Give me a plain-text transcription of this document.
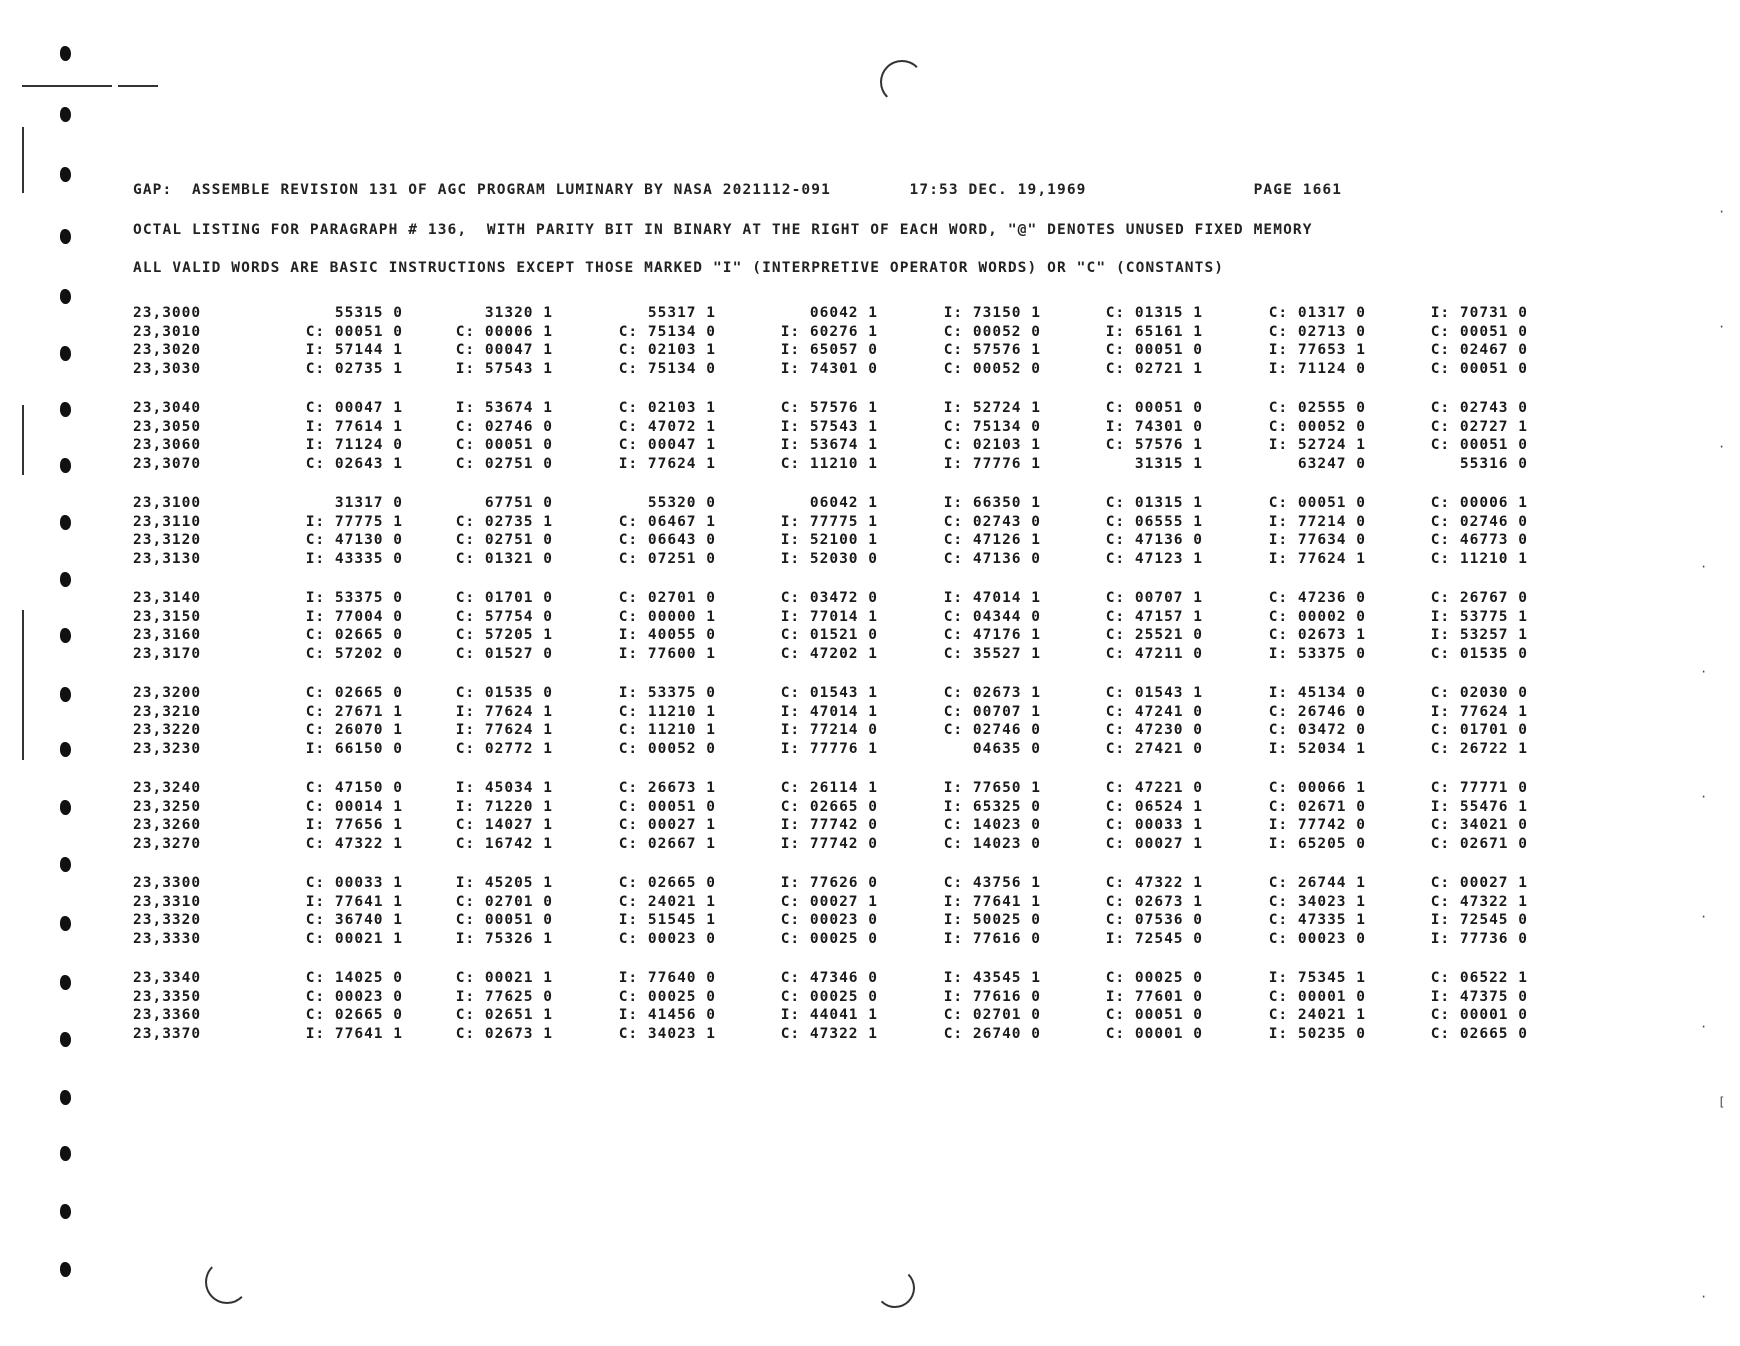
GAP:  ASSEMBLE REVISION 131 OF AGC PROGRAM LUMINARY BY NASA 2021112-091        17:53 DEC. 19,1969                 PAGE 1661
OCTAL LISTING FOR PARAGRAPH # 136,  WITH PARITY BIT IN BINARY AT THE RIGHT OF EACH WORD, "@" DENOTES UNUSED FIXED MEMORY
ALL VALID WORDS ARE BASIC INSTRUCTIONS EXCEPT THOSE MARKED "I" (INTERPRETIVE OPERATOR WORDS) OR "C" (CONSTANTS)
23,3000	55315 0	31320 1	55317 1	06042 1	I: 73150 1	C: 01315 1	C: 01317 0	I: 70731 0
23,3010	C: 00051 0	C: 00006 1	C: 75134 0	I: 60276 1	C: 00052 0	I: 65161 1	C: 02713 0	C: 00051 0
23,3020	I: 57144 1	C: 00047 1	C: 02103 1	I: 65057 0	C: 57576 1	C: 00051 0	I: 77653 1	C: 02467 0
23,3030	C: 02735 1	I: 57543 1	C: 75134 0	I: 74301 0	C: 00052 0	C: 02721 1	I: 71124 0	C: 00051 0
23,3040	C: 00047 1	I: 53674 1	C: 02103 1	C: 57576 1	I: 52724 1	C: 00051 0	C: 02555 0	C: 02743 0
23,3050	I: 77614 1	C: 02746 0	C: 47072 1	I: 57543 1	C: 75134 0	I: 74301 0	C: 00052 0	C: 02727 1
23,3060	I: 71124 0	C: 00051 0	C: 00047 1	I: 53674 1	C: 02103 1	C: 57576 1	I: 52724 1	C: 00051 0
23,3070	C: 02643 1	C: 02751 0	I: 77624 1	C: 11210 1	I: 77776 1	31315 1	63247 0	55316 0
23,3100	31317 0	67751 0	55320 0	06042 1	I: 66350 1	C: 01315 1	C: 00051 0	C: 00006 1
23,3110	I: 77775 1	C: 02735 1	C: 06467 1	I: 77775 1	C: 02743 0	C: 06555 1	I: 77214 0	C: 02746 0
23,3120	C: 47130 0	C: 02751 0	C: 06643 0	I: 52100 1	C: 47126 1	C: 47136 0	I: 77634 0	C: 46773 0
23,3130	I: 43335 0	C: 01321 0	C: 07251 0	I: 52030 0	C: 47136 0	C: 47123 1	I: 77624 1	C: 11210 1
23,3140	I: 53375 0	C: 01701 0	C: 02701 0	C: 03472 0	I: 47014 1	C: 00707 1	C: 47236 0	C: 26767 0
23,3150	I: 77004 0	C: 57754 0	C: 00000 1	I: 77014 1	C: 04344 0	C: 47157 1	C: 00002 0	I: 53775 1
23,3160	C: 02665 0	C: 57205 1	I: 40055 0	C: 01521 0	C: 47176 1	C: 25521 0	C: 02673 1	I: 53257 1
23,3170	C: 57202 0	C: 01527 0	I: 77600 1	C: 47202 1	C: 35527 1	C: 47211 0	I: 53375 0	C: 01535 0
23,3200	C: 02665 0	C: 01535 0	I: 53375 0	C: 01543 1	C: 02673 1	C: 01543 1	I: 45134 0	C: 02030 0
23,3210	C: 27671 1	I: 77624 1	C: 11210 1	I: 47014 1	C: 00707 1	C: 47241 0	C: 26746 0	I: 77624 1
23,3220	C: 26070 1	I: 77624 1	C: 11210 1	I: 77214 0	C: 02746 0	C: 47230 0	C: 03472 0	C: 01701 0
23,3230	I: 66150 0	C: 02772 1	C: 00052 0	I: 77776 1	04635 0	C: 27421 0	I: 52034 1	C: 26722 1
23,3240	C: 47150 0	I: 45034 1	C: 26673 1	C: 26114 1	I: 77650 1	C: 47221 0	C: 00066 1	C: 77771 0
23,3250	C: 00014 1	I: 71220 1	C: 00051 0	C: 02665 0	I: 65325 0	C: 06524 1	C: 02671 0	I: 55476 1
23,3260	I: 77656 1	C: 14027 1	C: 00027 1	I: 77742 0	C: 14023 0	C: 00033 1	I: 77742 0	C: 34021 0
23,3270	C: 47322 1	C: 16742 1	C: 02667 1	I: 77742 0	C: 14023 0	C: 00027 1	I: 65205 0	C: 02671 0
23,3300	C: 00033 1	I: 45205 1	C: 02665 0	I: 77626 0	C: 43756 1	C: 47322 1	C: 26744 1	C: 00027 1
23,3310	I: 77641 1	C: 02701 0	C: 24021 1	C: 00027 1	I: 77641 1	C: 02673 1	C: 34023 1	C: 47322 1
23,3320	C: 36740 1	C: 00051 0	I: 51545 1	C: 00023 0	I: 50025 0	C: 07536 0	C: 47335 1	I: 72545 0
23,3330	C: 00021 1	I: 75326 1	C: 00023 0	C: 00025 0	I: 77616 0	I: 72545 0	C: 00023 0	I: 77736 0
23,3340	C: 14025 0	C: 00021 1	I: 77640 0	C: 47346 0	I: 43545 1	C: 00025 0	I: 75345 1	C: 06522 1
23,3350	C: 00023 0	I: 77625 0	C: 00025 0	C: 00025 0	I: 77616 0	I: 77601 0	C: 00001 0	I: 47375 0
23,3360	C: 02665 0	C: 02651 1	I: 41456 0	I: 44041 1	C: 02701 0	C: 00051 0	C: 24021 1	C: 00001 0
23,3370	I: 77641 1	C: 02673 1	C: 34023 1	C: 47322 1	C: 26740 0	C: 00001 0	I: 50235 0	C: 02665 0
·
·
·
·
·
·
·
·
[
·
